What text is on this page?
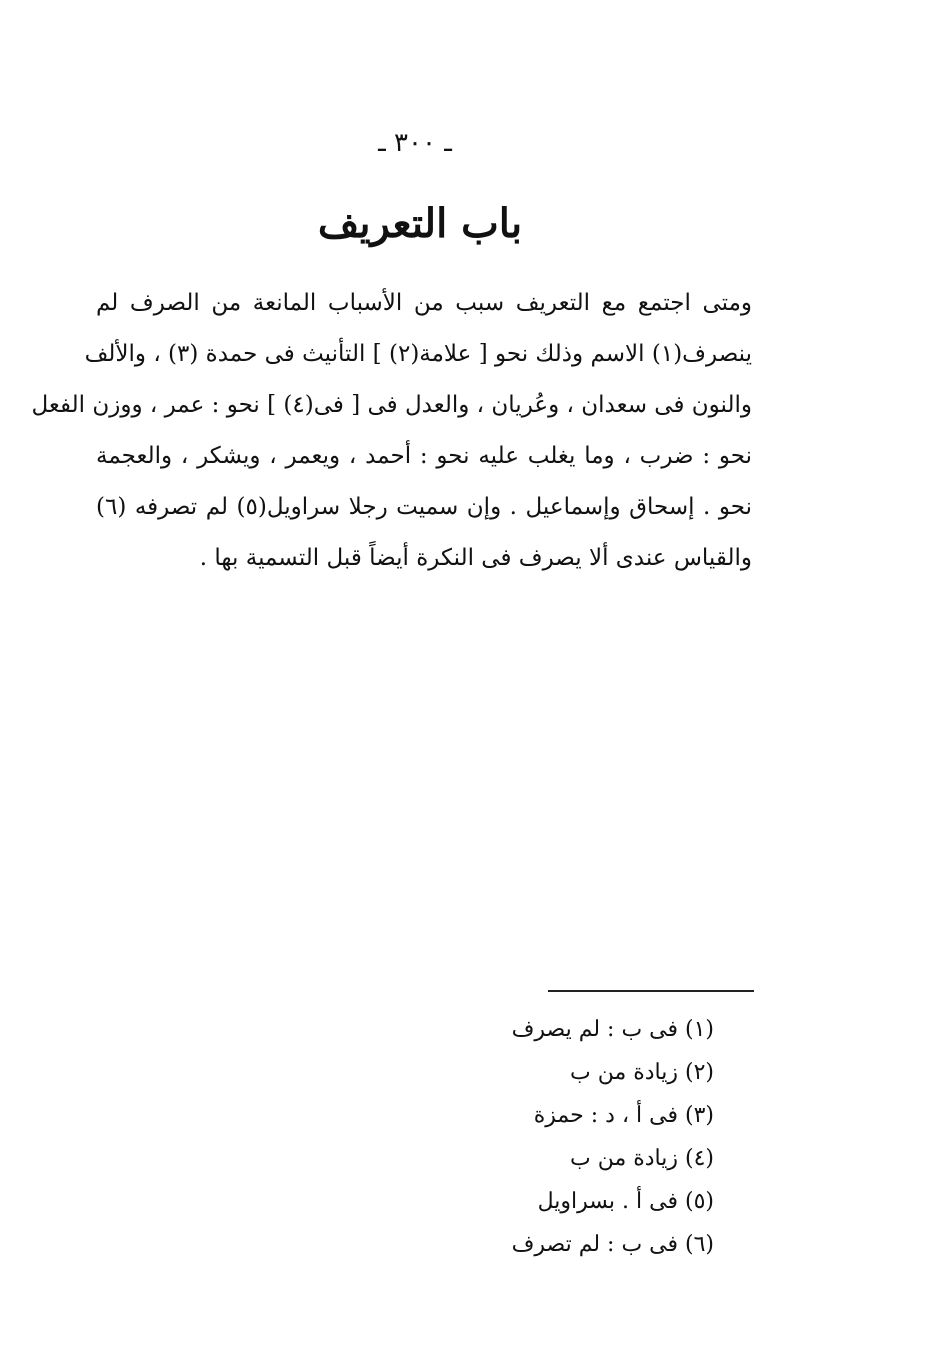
ـ ٣٠٠ ـ
باب التعريف
ومتى اجتمع مع التعريف سبب من الأسباب المانعة من الصرف لم
ينصرف(١) الاسم وذلك نحو [ علامة(٢) ] التأنيث فى حمدة (٣) ، والألف
والنون فى سعدان ، وعُريان ، والعدل فى [ فى(٤) ] نحو : عمر ، ووزن الفعل
نحو : ضرب ، وما يغلب عليه نحو : أحمد ، ويعمر ، ويشكر ، والعجمة
نحو . إسحاق وإسماعيل . وإن سميت رجلا سراويل(٥) لم تصرفه (٦)
والقياس عندى ألا يصرف فى النكرة أيضاً قبل التسمية بها .
(١) فى ب : لم يصرف
(٢) زيادة من ب
(٣) فى أ ، د : حمزة
(٤) زيادة من ب
(٥) فى أ . بسراويل
(٦) فى ب : لم تصرف
